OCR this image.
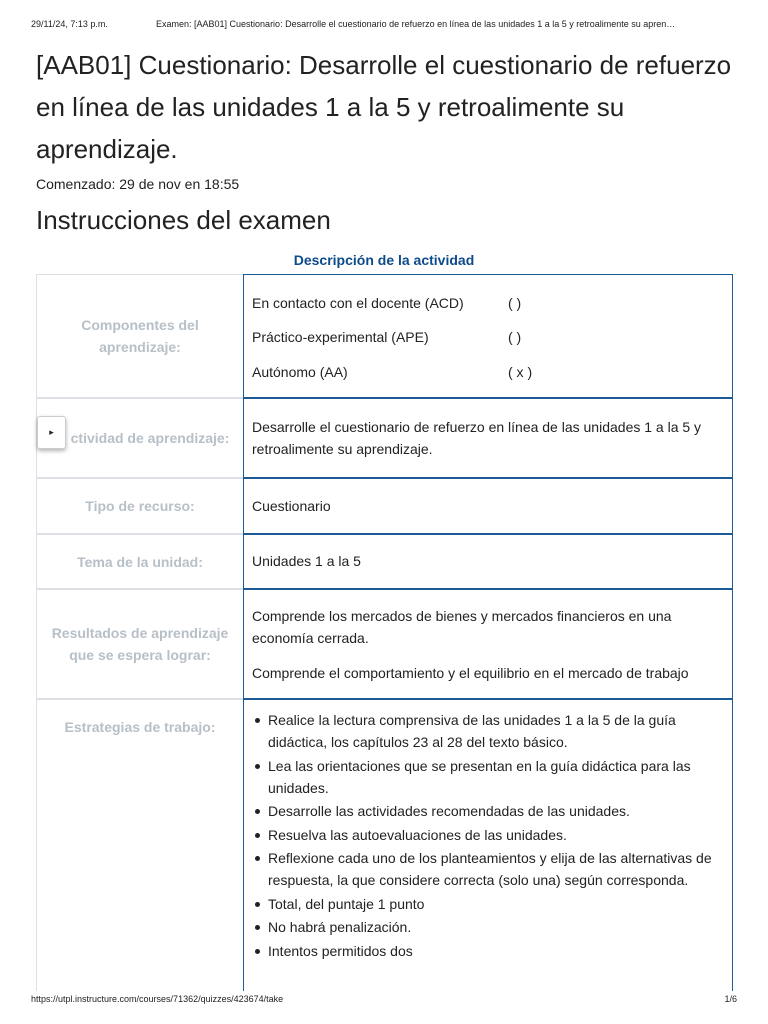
29/11/24, 7:13 p.m.	Examen: [AAB01] Cuestionario: Desarrolle el cuestionario de refuerzo en línea de las unidades 1 a la 5 y retroalimente su apren…
[AAB01] Cuestionario: Desarrolle el cuestionario de refuerzo en línea de las unidades 1 a la 5 y retroalimente su aprendizaje.
Comenzado: 29 de nov en 18:55
Instrucciones del examen
Descripción de la actividad
Componentes del aprendizaje:
En contacto con el docente (ACD)	( )
Práctico-experimental (APE)	( )
Autónomo (AA)	( x )
ctividad de aprendizaje:
Desarrolle el cuestionario de refuerzo en línea de las unidades 1 a la 5 y retroalimente su aprendizaje.
▸
Tipo de recurso:	Cuestionario
Tema de la unidad:	Unidades 1 a la 5
Resultados de aprendizaje que se espera lograr:
Comprende los mercados de bienes y mercados financieros en una economía cerrada.
Comprende el comportamiento y el equilibrio en el mercado de trabajo
Estrategias de trabajo:	Realice la lectura comprensiva de las unidades 1 a la 5 de la guía didáctica, los capítulos 23 al 28 del texto básico.
Lea las orientaciones que se presentan en la guía didáctica para las unidades.
Desarrolle las actividades recomendadas de las unidades.
Resuelva las autoevaluaciones de las unidades.
Reflexione cada uno de los planteamientos y elija de las alternativas de respuesta, la que considere correcta (solo una) según corresponda.
Total, del puntaje 1 punto
No habrá penalización.
Intentos permitidos dos
https://utpl.instructure.com/courses/71362/quizzes/423674/take	1/6
